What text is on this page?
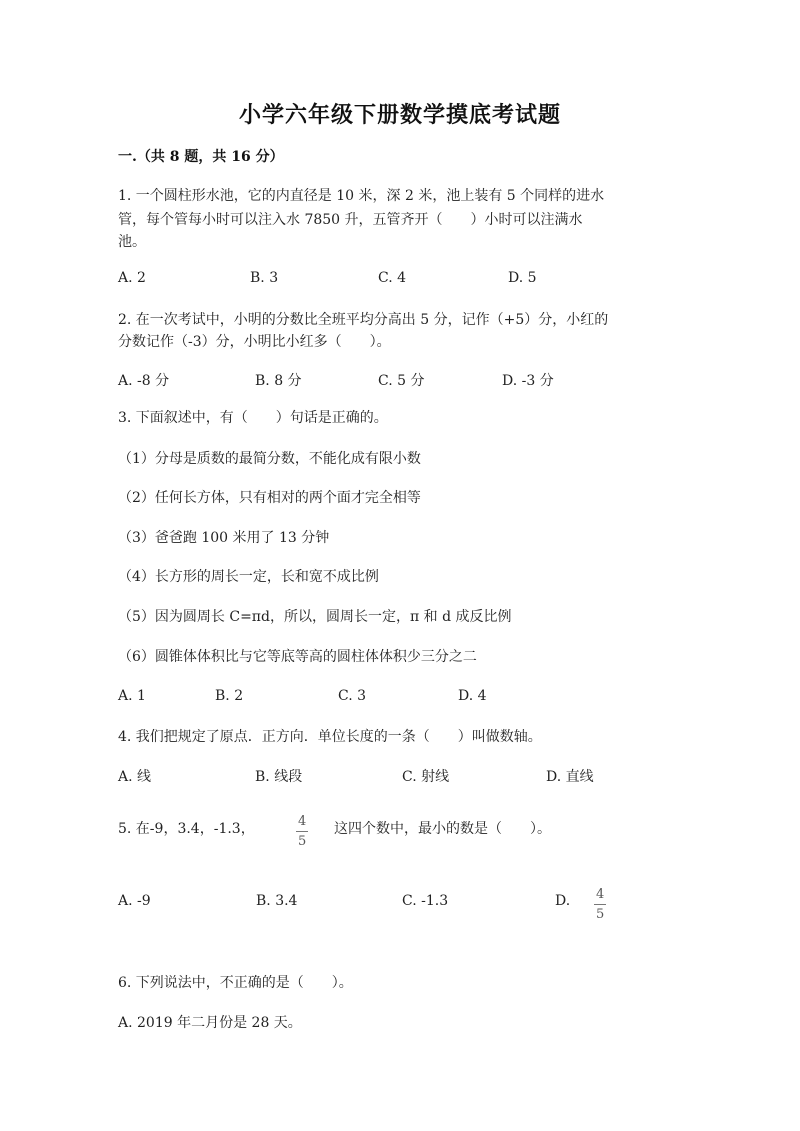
小学六年级下册数学摸底考试题
一.（共 8 题，共 16 分）
1. 一个圆柱形水池，它的内直径是 10 米，深 2 米，池上装有 5 个同样的进水
管，每个管每小时可以注入水 7850 升，五管齐开（　　）小时可以注满水
池。
A. 2	B. 3	C. 4	D. 5
2. 在一次考试中，小明的分数比全班平均分高出 5 分，记作（+5）分，小红的
分数记作（-3）分，小明比小红多（　　）。
A. -8 分	B. 8 分	C. 5 分	D. -3 分
3. 下面叙述中，有（　　）句话是正确的。
（1）分母是质数的最简分数，不能化成有限小数
（2）任何长方体，只有相对的两个面才完全相等
（3）爸爸跑 100 米用了 13 分钟
（4）长方形的周长一定，长和宽不成比例
（5）因为圆周长 C=πd，所以，圆周长一定，π 和 d 成反比例
（6）圆锥体体积比与它等底等高的圆柱体体积少三分之二
A. 1	B. 2	C. 3	D. 4
4. 我们把规定了原点．正方向．单位长度的一条（　　）叫做数轴。
A. 线	B. 线段	C. 射线	D. 直线
5. 在-9，3.4，-1.3，	4
5
这四个数中，最小的数是（　　）。
A. -9	B. 3.4	C. -1.3	D. 4
5
6. 下列说法中，不正确的是（　　）。
A. 2019 年二月份是 28 天。
